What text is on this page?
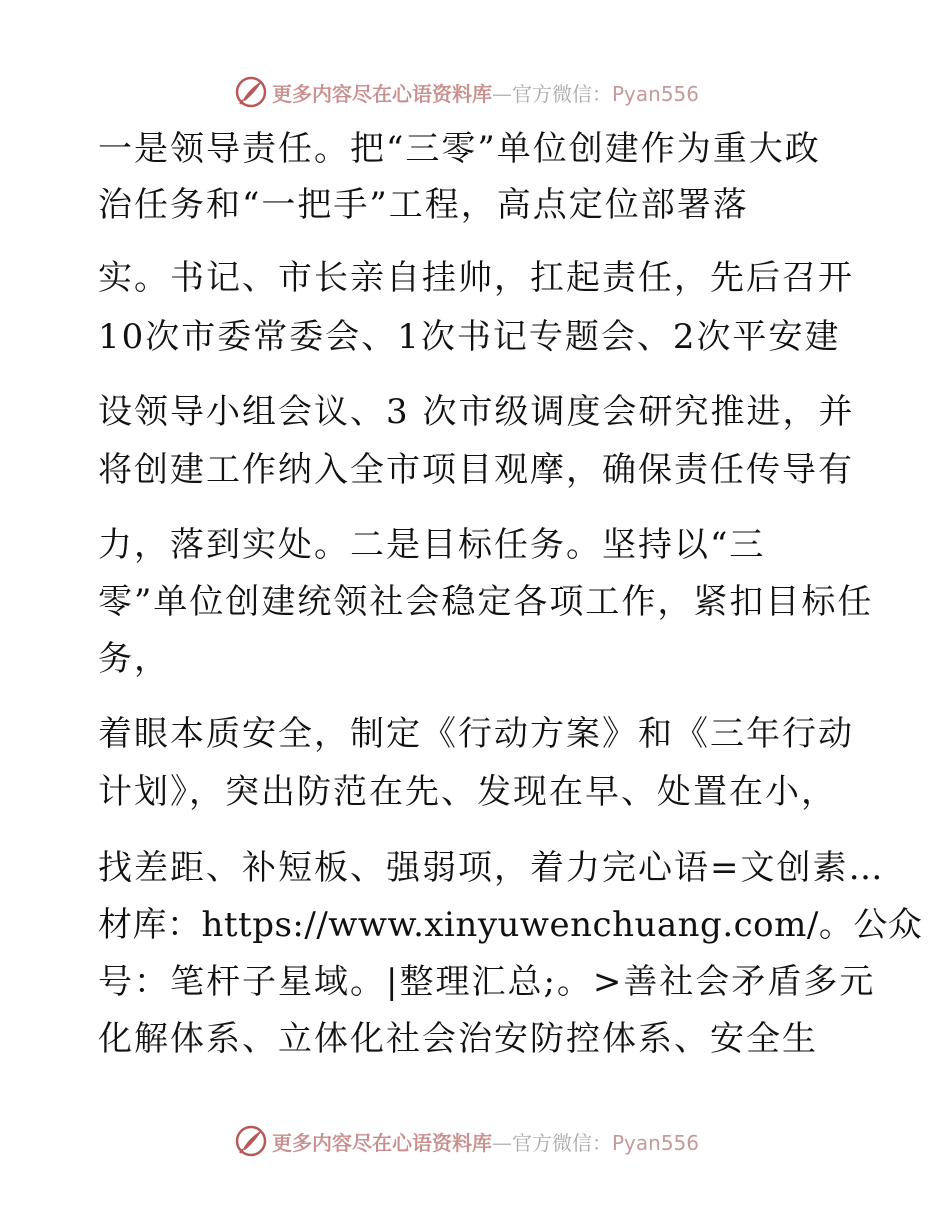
更多内容尽在心语资料库—官方微信：Pyan556
一是领导责任。把“三零”单位创建作为重大政
治任务和“一把手”工程，高点定位部署落
实。书记、市长亲自挂帅，扛起责任，先后召开
10次市委常委会、1次书记专题会、2次平安建
设领导小组会议、3 次市级调度会研究推进，并
将创建工作纳入全市项目观摩，确保责任传导有
力，落到实处。二是目标任务。坚持以“三
零”单位创建统领社会稳定各项工作，紧扣目标任
务，
着眼本质安全，制定《行动方案》和《三年行动
计划》，突出防范在先、发现在早、处置在小，
找差距、补短板、强弱项，着力完心语=文创素…
材库：https://www.xinyuwenchuang.com/。公众
号：笔杆子星域。|整理汇总;。>善社会矛盾多元
化解体系、立体化社会治安防控体系、安全生
更多内容尽在心语资料库—官方微信：Pyan556
